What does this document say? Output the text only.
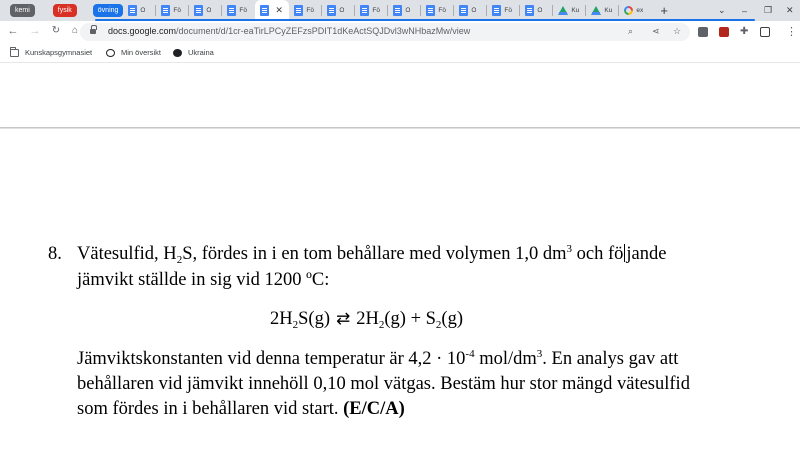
kemi	fysik	övning	Ö	Fö	Ö	Fö	✕	Fö	Ö	Fö	Ö	Fö	Ö	Fö	Ö	Ku	Ku	ex +	⌄ – ❐ ✕
← →	↻	⌂	docs.google.com/document/d/1cr-eaTirLPCyZEFzsPDIT1dKeActSQJDvl3wNHbazMw/view	⌕ ⋖ ☆	✚	⋮
Kunskapsgymnasiet	Min översikt	Ukraina
8. Vätesulfid, $H_2S$, fördes in i en tom behållare med volymen 1,0 $dm^3$ och fö jande
jämvikt ställde in sig vid 1200 ºC:
$2H_2S(g)$ ⇄ $2H_2(g) + S_2(g)$
Jämviktskonstanten vid denna temperatur är $4,2 \cdot 10^{-4}$ mol/$dm^3$. En analys gav att
behållaren vid jämvikt innehöll 0,10 mol vätgas. Bestäm hur stor mängd vätesulfid
som fördes in i behållaren vid start. (E/C/A)
